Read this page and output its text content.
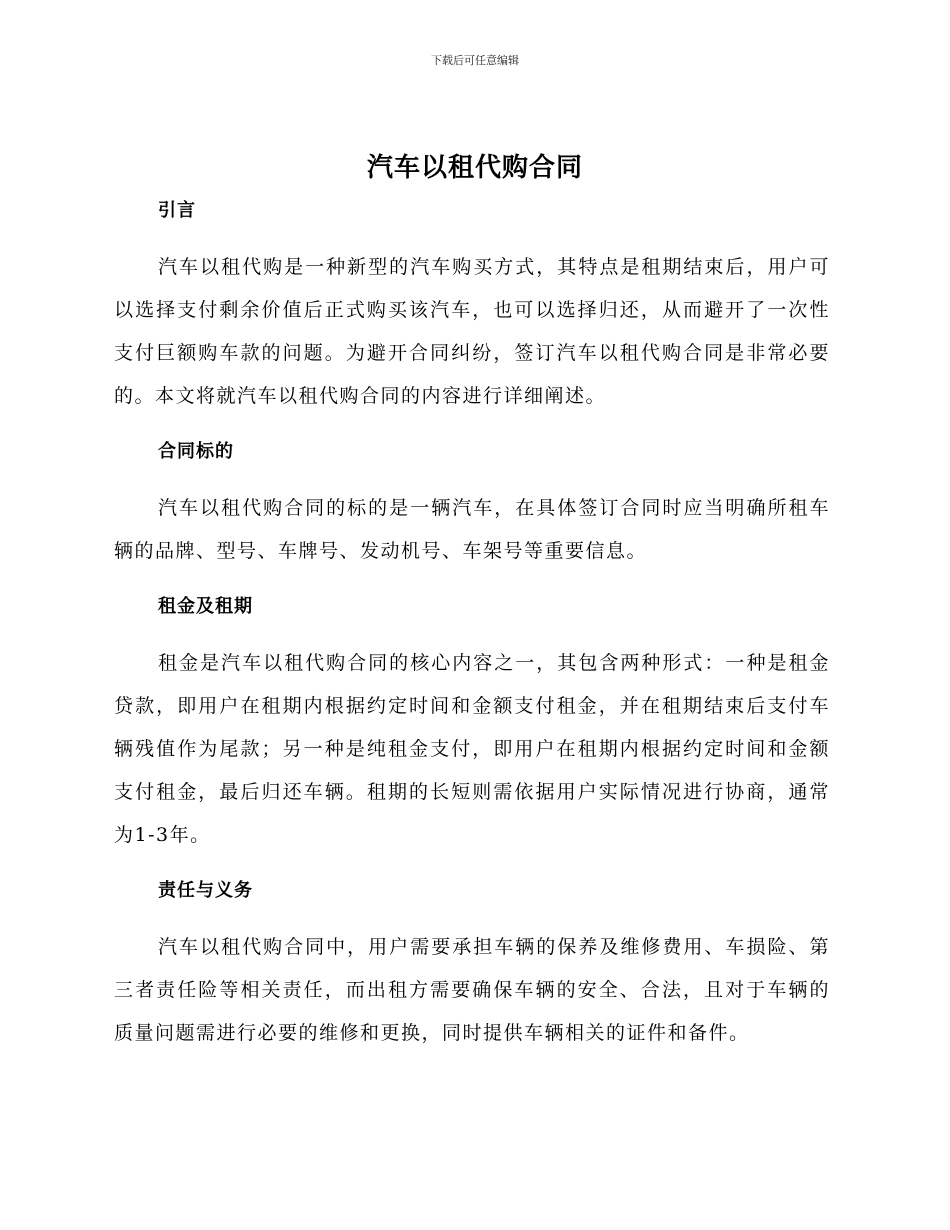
下载后可任意编辑
汽车以租代购合同
引言

汽车以租代购是一种新型的汽车购买方式，其特点是租期结束后，用户可以选择支付剩余价值后正式购买该汽车，也可以选择归还，从而避开了一次性支付巨额购车款的问题。为避开合同纠纷，签订汽车以租代购合同是非常必要的。本文将就汽车以租代购合同的内容进行详细阐述。

合同标的

汽车以租代购合同的标的是一辆汽车，在具体签订合同时应当明确所租车辆的品牌、型号、车牌号、发动机号、车架号等重要信息。

租金及租期

租金是汽车以租代购合同的核心内容之一，其包含两种形式：一种是租金贷款，即用户在租期内根据约定时间和金额支付租金，并在租期结束后支付车辆残值作为尾款；另一种是纯租金支付，即用户在租期内根据约定时间和金额支付租金，最后归还车辆。租期的长短则需依据用户实际情况进行协商，通常为1-3年。

责任与义务

汽车以租代购合同中，用户需要承担车辆的保养及维修费用、车损险、第三者责任险等相关责任，而出租方需要确保车辆的安全、合法，且对于车辆的质量问题需进行必要的维修和更换，同时提供车辆相关的证件和备件。
